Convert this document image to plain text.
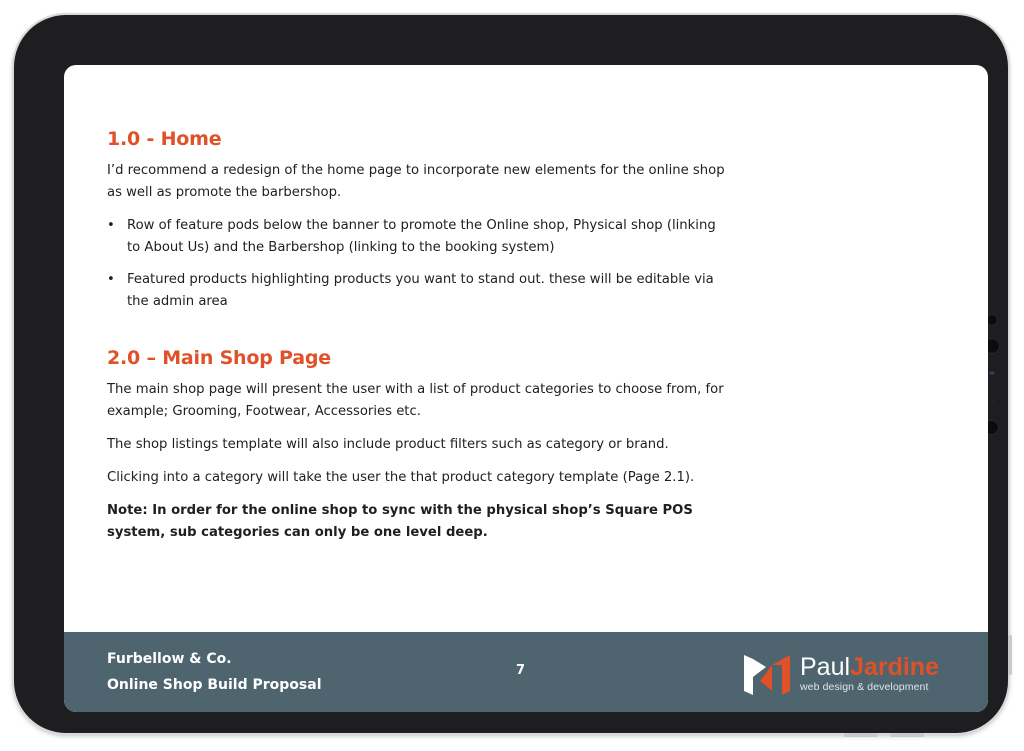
1.0 - Home
I’d recommend a redesign of the home page to incorporate new elements for the online shop as well as promote the barbershop.
• Row of feature pods below the banner to promote the Online shop, Physical shop (linking to About Us) and the Barbershop (linking to the booking system)
• Featured products highlighting products you want to stand out. these will be editable via the admin area
2.0 – Main Shop Page
The main shop page will present the user with a list of product categories to choose from, for example; Grooming, Footwear, Accessories etc.
The shop listings template will also include product filters such as category or brand.
Clicking into a category will take the user the that product category template (Page 2.1).
Note: In order for the online shop to sync with the physical shop’s Square POS system, sub categories can only be one level deep.
Furbellow & Co.
Online Shop Build Proposal
7	PaulJardine
web design & development
